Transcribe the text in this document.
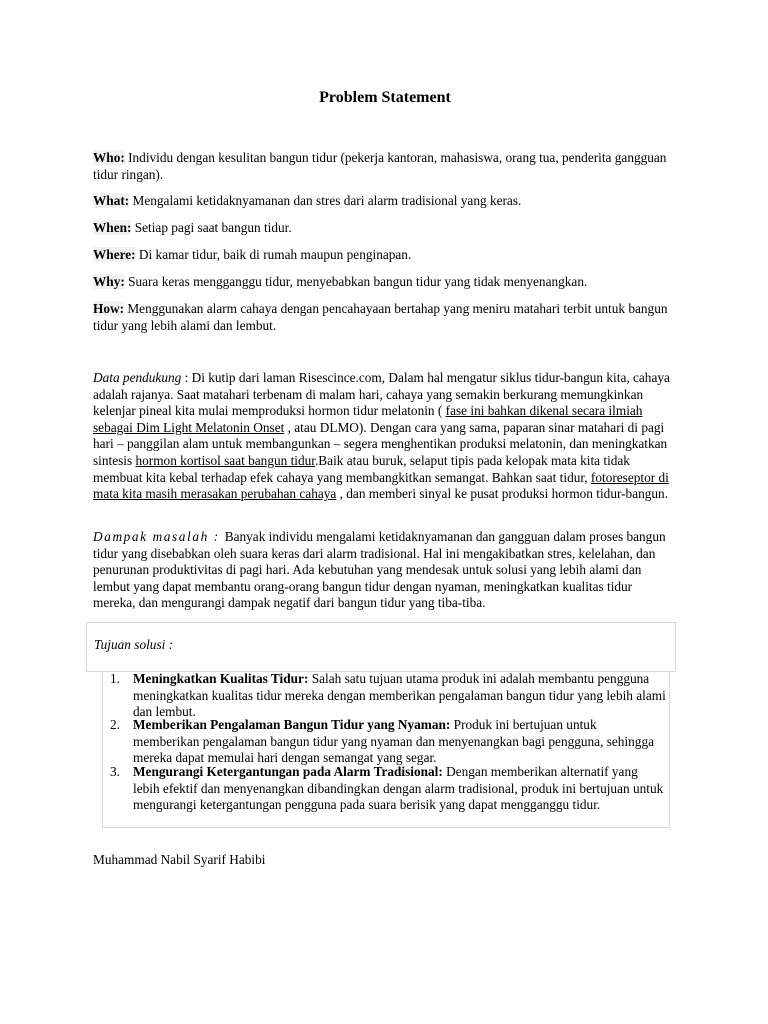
Problem Statement

Who: Individu dengan kesulitan bangun tidur (pekerja kantoran, mahasiswa, orang tua, penderita gangguan tidur ringan).

What: Mengalami ketidaknyamanan dan stres dari alarm tradisional yang keras.

When: Setiap pagi saat bangun tidur.

Where: Di kamar tidur, baik di rumah maupun penginapan.

Why: Suara keras mengganggu tidur, menyebabkan bangun tidur yang tidak menyenangkan.

How: Menggunakan alarm cahaya dengan pencahayaan bertahap yang meniru matahari terbit untuk bangun tidur yang lebih alami dan lembut.

Data pendukung : Di kutip dari laman Risescince.com, Dalam hal mengatur siklus tidur-bangun kita, cahaya adalah rajanya. Saat matahari terbenam di malam hari, cahaya yang semakin berkurang memungkinkan kelenjar pineal kita mulai memproduksi hormon tidur melatonin ( fase ini bahkan dikenal secara ilmiah sebagai Dim Light Melatonin Onset , atau DLMO). Dengan cara yang sama, paparan sinar matahari di pagi hari – panggilan alam untuk membangunkan – segera menghentikan produksi melatonin, dan meningkatkan sintesis hormon kortisol saat bangun tidur.Baik atau buruk, selaput tipis pada kelopak mata kita tidak membuat kita kebal terhadap efek cahaya yang membangkitkan semangat. Bahkan saat tidur, fotoreseptor di mata kita masih merasakan perubahan cahaya , dan memberi sinyal ke pusat produksi hormon tidur-bangun.

Dampak masalah : Banyak individu mengalami ketidaknyamanan dan gangguan dalam proses bangun tidur yang disebabkan oleh suara keras dari alarm tradisional. Hal ini mengakibatkan stres, kelelahan, dan penurunan produktivitas di pagi hari. Ada kebutuhan yang mendesak untuk solusi yang lebih alami dan lembut yang dapat membantu orang-orang bangun tidur dengan nyaman, meningkatkan kualitas tidur mereka, dan mengurangi dampak negatif dari bangun tidur yang tiba-tiba.

Tujuan solusi :
1. Meningkatkan Kualitas Tidur: Salah satu tujuan utama produk ini adalah membantu pengguna meningkatkan kualitas tidur mereka dengan memberikan pengalaman bangun tidur yang lebih alami dan lembut.
2. Memberikan Pengalaman Bangun Tidur yang Nyaman: Produk ini bertujuan untuk memberikan pengalaman bangun tidur yang nyaman dan menyenangkan bagi pengguna, sehingga mereka dapat memulai hari dengan semangat yang segar.
3. Mengurangi Ketergantungan pada Alarm Tradisional: Dengan memberikan alternatif yang lebih efektif dan menyenangkan dibandingkan dengan alarm tradisional, produk ini bertujuan untuk mengurangi ketergantungan pengguna pada suara berisik yang dapat mengganggu tidur.
Muhammad Nabil Syarif Habibi
